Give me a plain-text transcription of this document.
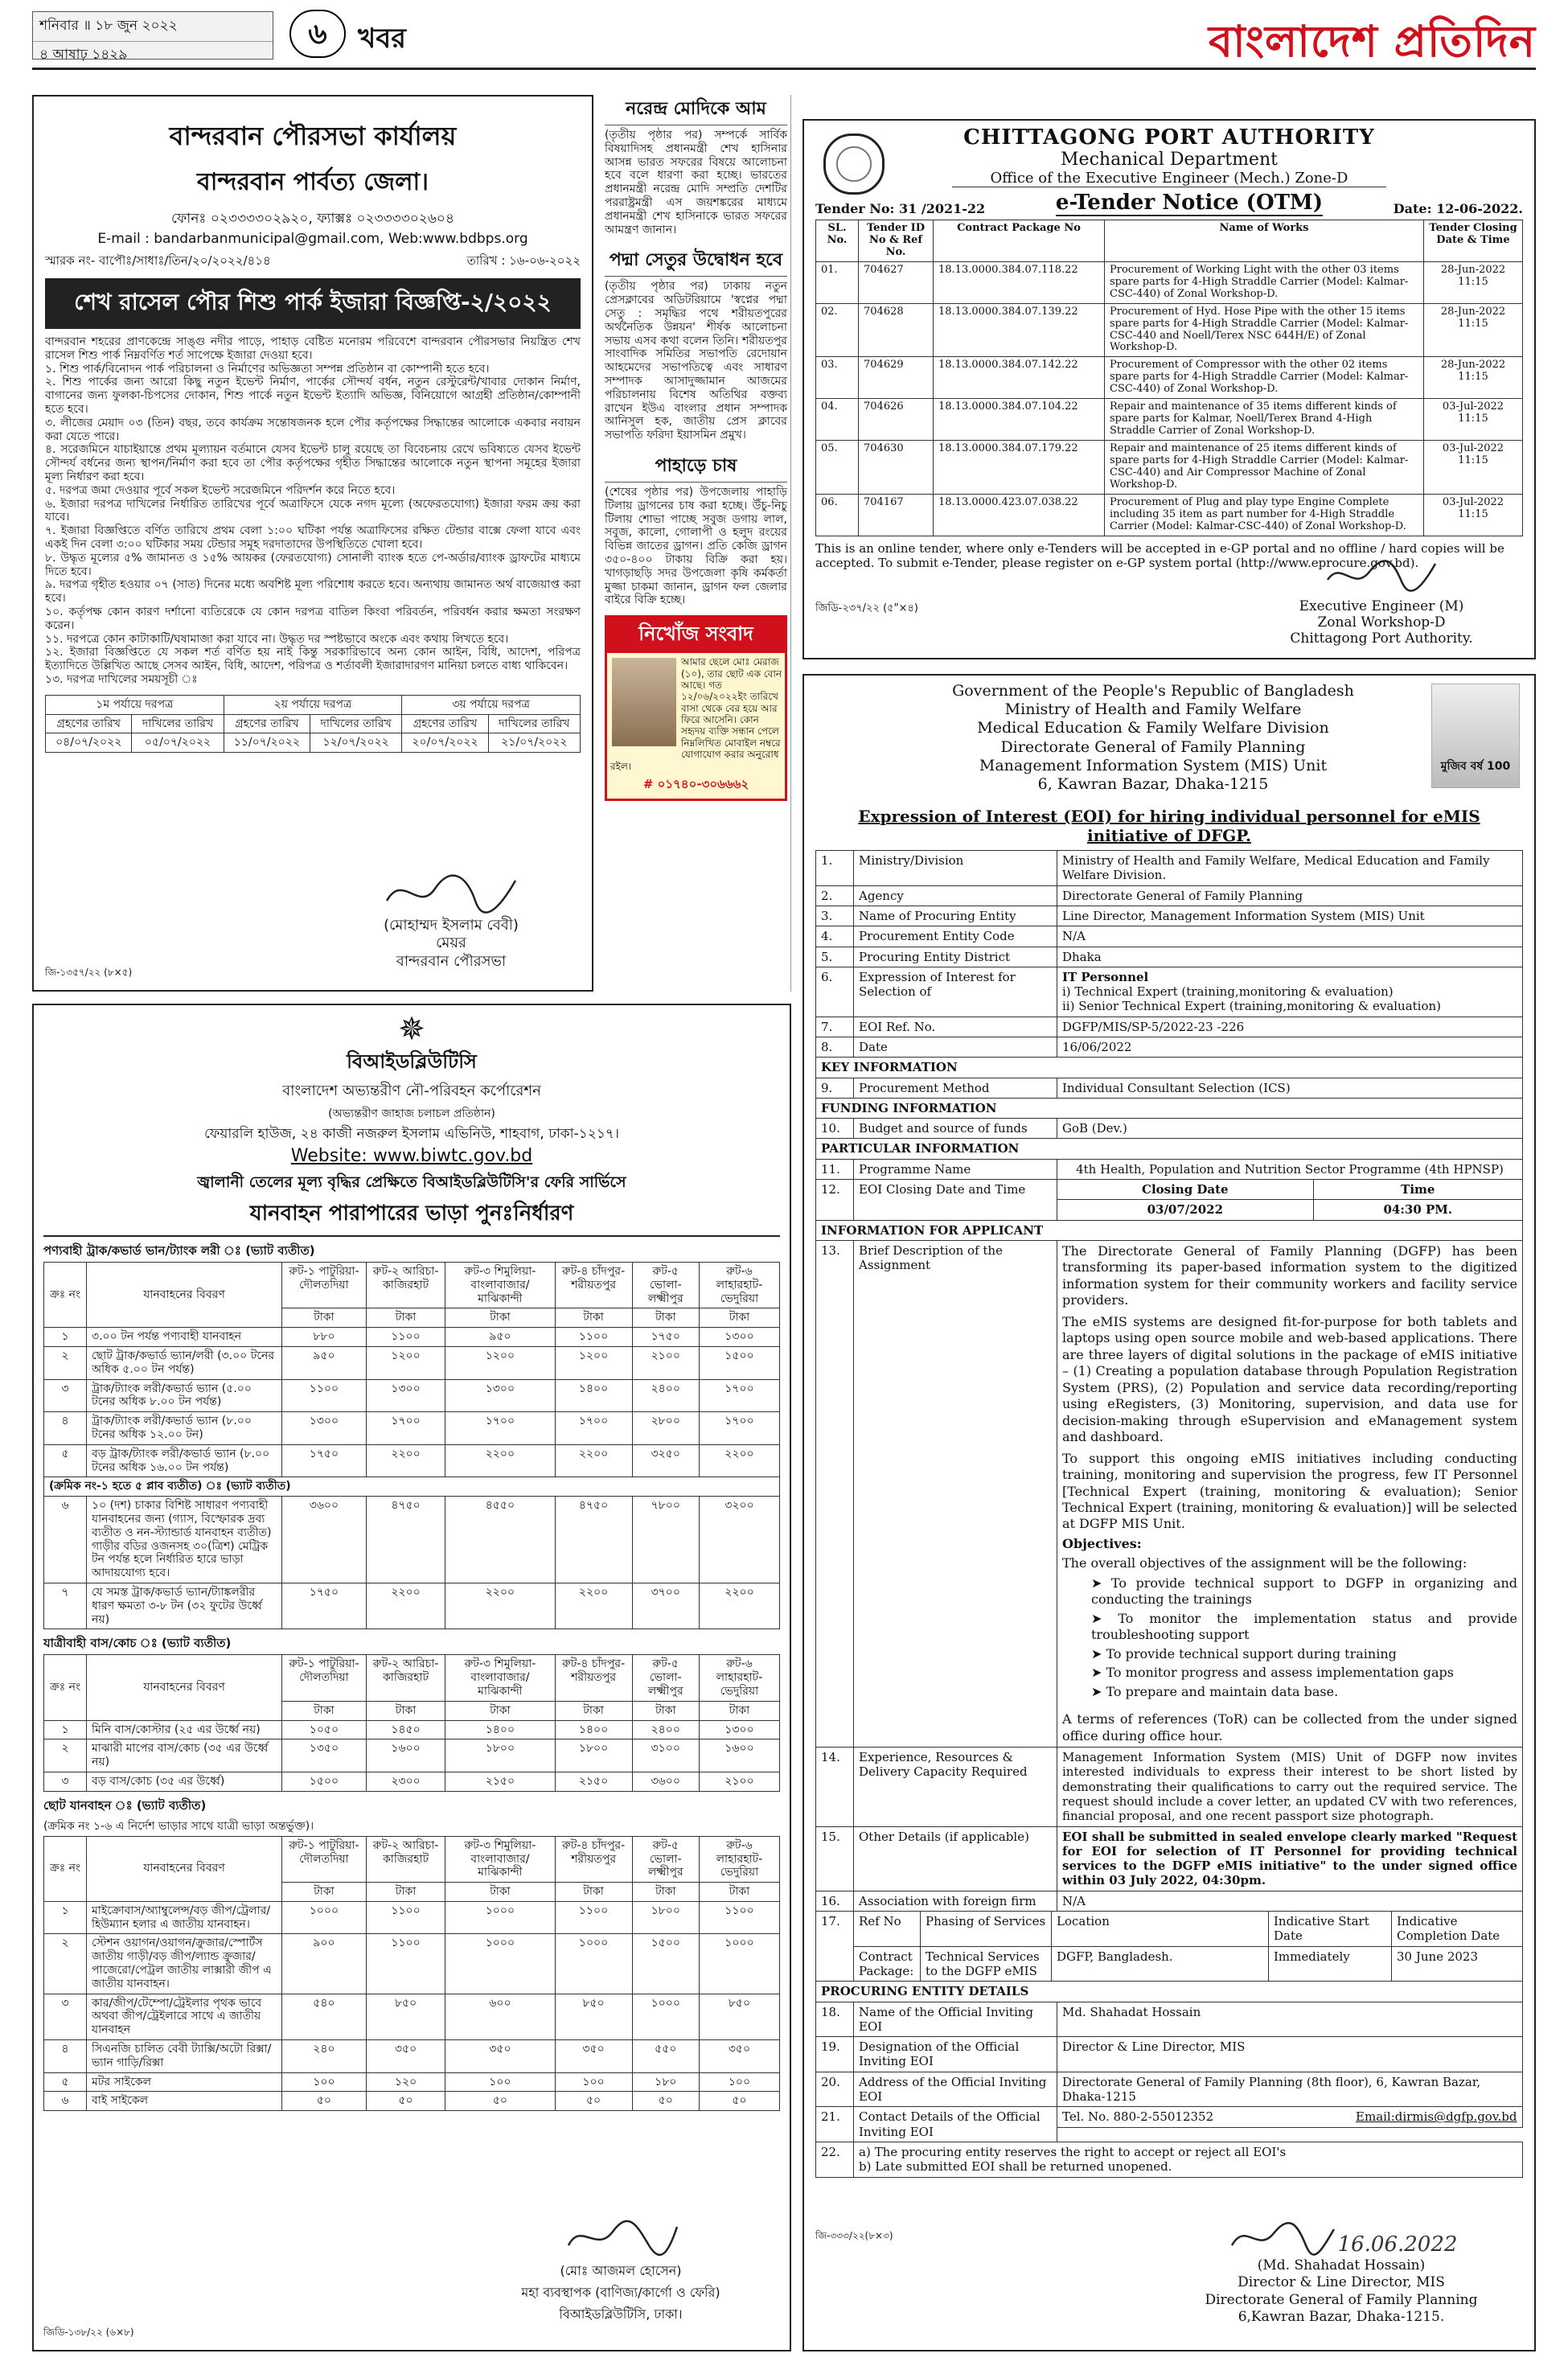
শনিবার ॥ ১৮ জুন ২০২২
৪ আষাঢ় ১৪২৯
৬	খবর	বাংলাদেশ প্রতিদিন
বান্দরবান পৌরসভা কার্যালয়
বান্দরবান পার্বত্য জেলা।
ফোনঃ ০২৩৩৩৩০২৯২০, ফ্যাক্সঃ ০২৩৩৩৩০২৬০৪
E-mail : bandarbanmunicipal@gmail.com, Web:www.bdbps.org
স্মারক নং- বাপৌঃ/সাধাঃ/তিন/২০/২০২২/৪১৪	তারিখ : ১৬-০৬-২০২২
শেখ রাসেল পৌর শিশু পার্ক ইজারা বিজ্ঞপ্তি-২/২০২২
বান্দরবান শহরের প্রাণকেন্দ্রে সাঙ্গু নদীর পাড়ে, পাহাড় বেষ্টিত মনোরম পরিবেশে বান্দরবান পৌরসভার নিয়ন্ত্রিত শেখ রাসেল শিশু পার্ক নিম্নবর্ণিত শর্ত সাপেক্ষে ইজারা দেওয়া হবে।
১. শিশু পার্ক/বিনোদন পার্ক পরিচালনা ও নির্মাণের অভিজ্ঞতা সম্পন্ন প্রতিষ্ঠান বা কোম্পানী হতে হবে।
২. শিশু পার্কের জন্য আরো কিছু নতুন ইভেন্ট নির্মাণ, পার্কের সৌন্দর্য বর্ধন, নতুন রেস্টুরেন্ট/খাবার দোকান নির্মাণ, বাগানের জন্য ফুলকা-চিপসের দোকান, শিশু পার্কে নতুন ইভেন্ট ইত্যাদি অভিজ্ঞ, বিনিয়োগে আগ্রহী প্রতিষ্ঠান/কোম্পানী হতে হবে।
৩. লীজের মেয়াদ ০৩ (তিন) বছর, তবে কার্যক্রম সন্তোষজনক হলে পৌর কর্তৃপক্ষের সিদ্ধান্তের আলোকে একবার নবায়ন করা যেতে পারে।
৪. সরেজমিনে যাচাইয়ান্তে প্রথম মূল্যায়ন বর্তমানে যেসব ইভেন্ট চালু রয়েছে তা বিবেচনায় রেখে ভবিষ্যতে যেসব ইভেন্ট সৌন্দর্য বর্ধনের জন্য স্থাপন/নির্মাণ করা হবে তা পৌর কর্তৃপক্ষের গৃহীত সিদ্ধান্তের আলোকে নতুন স্থাপনা সমূহের ইজারা মূল্য নির্ধারণ করা হবে।
৫. দরপত্র জমা দেওয়ার পূর্বে সকল ইভেন্ট সরেজমিনে পরিদর্শন করে নিতে হবে।
৬. ইজারা দরপত্র দাখিলের নির্ধারিত তারিখের পূর্বে অত্রাফিসে যেকে নগদ মূল্যে (অফেরতযোগ্য) ইজারা ফরম ক্রয় করা যাবে।
৭. ইজারা বিজ্ঞপ্তিতে বর্ণিত তারিখে প্রথম বেলা ১:০০ ঘটিকা পর্যন্ত অত্রাফিসের রক্ষিত টেন্ডার বাক্সে ফেলা যাবে এবং একই দিন বেলা ৩:০০ ঘটিকার সময় টেন্ডার সমূহ দরদাতাদের উপস্থিতিতে খোলা হবে।
৮. উদ্ধৃত মূল্যের ৫% জামানত ও ১৫% আয়কর (ফেরতযোগ্য) সোনালী ব্যাংক হতে পে-অর্ডার/ব্যাংক ড্রাফটের মাধ্যমে দিতে হবে।
৯. দরপত্র গৃহীত হওয়ার ০৭ (সাত) দিনের মধ্যে অবশিষ্ট মূল্য পরিশোধ করতে হবে। অন্যথায় জামানত অর্থ বাজেয়াপ্ত করা হবে।
১০. কর্তৃপক্ষ কোন কারণ দর্শানো ব্যতিরেকে যে কোন দরপত্র বাতিল কিংবা পরিবর্তন, পরিবর্ধন করার ক্ষমতা সংরক্ষণ করেন।
১১. দরপত্রে কোন কাটাকাটি/ঘষামাজা করা যাবে না। উদ্ধৃত দর স্পষ্টভাবে অংকে এবং কথায় লিখতে হবে।
১২. ইজারা বিজ্ঞপ্তিতে যে সকল শর্ত বর্ণিত হয় নাই কিন্তু সরকারিভাবে অন্য কোন আইন, বিধি, আদেশ, পরিপত্র ইত্যাদিতে উল্লিখিত আছে সেসব আইন, বিধি, আদেশ, পরিপত্র ও শর্তাবলী ইজারাদারগণ মানিয়া চলতে বাধ্য থাকিবেন।
১৩. দরপত্র দাখিলের সময়সূচী ঃ
১ম পর্যায়ে দরপত্র		২য় পর্যায়ে দরপত্র		৩য় পর্যায়ে দরপত্র	
গ্রহণের তারিখ	দাখিলের তারিখ	গ্রহণের তারিখ	দাখিলের তারিখ	গ্রহণের তারিখ	দাখিলের তারিখ
০৪/০৭/২০২২	০৫/০৭/২০২২	১১/০৭/২০২২	১২/০৭/২০২২	২০/০৭/২০২২	২১/০৭/২০২২
(মোহাম্মদ ইসলাম বেবী)
মেয়র
বান্দরবান পৌরসভা
জি-১৩৫৭/২২ (৮×৫)
নরেন্দ্র মোদিকে আম
(তৃতীয় পৃষ্ঠার পর) সম্পর্কে সার্বিক বিষয়াদিসহ প্রধানমন্ত্রী শেখ হাসিনার আসন্ন ভারত সফরের বিষয়ে আলোচনা হবে বলে ধারণা করা হচ্ছে। ভারতের প্রধানমন্ত্রী নরেন্দ্র মোদি সম্প্রতি দেশটির পররাষ্ট্রমন্ত্রী এস জয়শঙ্করের মাধ্যমে প্রধানমন্ত্রী শেখ হাসিনাকে ভারত সফরের আমন্ত্রণ জানান।
পদ্মা সেতুর উদ্বোধন হবে
(তৃতীয় পৃষ্ঠার পর) ঢাকায় নতুন প্রেসক্লাবের অডিটরিয়ামে 'স্বপ্নের পদ্মা সেতু : সমৃদ্ধির পথে শরীয়তপুরের অর্থনৈতিক উন্নয়ন' শীর্ষক আলোচনা সভায় এসব কথা বলেন তিনি। শরীয়তপুর সাংবাদিক সমিতির সভাপতি রেদোয়ান আহমেদের সভাপতিত্বে এবং সাধারণ সম্পাদক আসাদুজ্জামান আজমের পরিচালনায় বিশেষ অতিথির বক্তব্য রাখেন ইউএ বাংলার প্রধান সম্পাদক আনিসুল হক, জাতীয় প্রেস ক্লাবের সভাপতি ফরিদা ইয়াসমিন প্রমুখ।
পাহাড়ে চাষ
(শেষের পৃষ্ঠার পর) উপজেলায় পাহাড়ি টিলায় ড্রাগনের চাষ করা হচ্ছে। উঁচু-নিচু টিলায় শোভা পাচ্ছে সবুজ ডগায় লাল, সবুজ, কালো, গোলাপী ও হলুদ রংয়ের বিভিন্ন জাতের ড্রাগন। প্রতি কেজি ড্রাগন ৩৫০-৪০০ টাকায় বিক্রি করা হয়। খাগড়াছড়ি সদর উপজেলা কৃষি কর্মকর্তা মুজ্জা চাকমা জানান, ড্রাগন ফল জেলার বাইরে বিক্রি হচ্ছে।
নিখোঁজ সংবাদ
আমার ছেলে মোঃ মেরাজ (১০), তার ছোট এক বোন আছে। গত ১২/০৬/২০২২ইং তারিখে বাসা থেকে বের হয়ে আর ফিরে আসেনি। কোন সহৃদয় ব্যক্তি সন্ধান পেলে নিম্নলিখিত মোবাইল নম্বরে যোগাযোগ করার অনুরোধ রইল।
# ০১৭৪০-৩০৬৬৬২
CHITTAGONG PORT AUTHORITY
Mechanical Department
Office of the Executive Engineer (Mech.) Zone-D
Tender No: 31 /2021-22	e-Tender Notice (OTM)	Date: 12-06-2022.
SL. No.	Tender ID No & Ref No.	Contract Package No	Name of Works	Tender Closing Date & Time
01.	704627	18.13.0000.384.07.118.22	Procurement of Working Light with the other 03 items spare parts for 4-High Straddle Carrier (Model: Kalmar-CSC-440) of Zonal Workshop-D.	28-Jun-2022 11:15
02.	704628	18.13.0000.384.07.139.22	Procurement of Hyd. Hose Pipe with the other 15 items spare parts for 4-High Straddle Carrier (Model: Kalmar-CSC-440 and Noell/Terex NSC 644H/E) of Zonal Workshop-D.	28-Jun-2022 11:15
03.	704629	18.13.0000.384.07.142.22	Procurement of Compressor with the other 02 items spare parts for 4-High Straddle Carrier (Model: Kalmar-CSC-440) of Zonal Workshop-D.	28-Jun-2022 11:15
04.	704626	18.13.0000.384.07.104.22	Repair and maintenance of 35 items different kinds of spare parts for Kalmar, Noell/Terex Brand 4-High Straddle Carrier of Zonal Workshop-D.	03-Jul-2022 11:15
05.	704630	18.13.0000.384.07.179.22	Repair and maintenance of 25 items different kinds of spare parts for 4-High Straddle Carrier (Model: Kalmar-CSC-440) and Air Compressor Machine of Zonal Workshop-D.	03-Jul-2022 11:15
06.	704167	18.13.0000.423.07.038.22	Procurement of Plug and play type Engine Complete including 35 item as part number for 4-High Straddle Carrier (Model: Kalmar-CSC-440) of Zonal Workshop-D.	03-Jul-2022 11:15
This is an online tender, where only e-Tenders will be accepted in e-GP portal and no offline / hard copies will be accepted. To submit e-Tender, please register on e-GP system portal (http://www.eprocure.gov.bd).
Executive Engineer (M)
Zonal Workshop-D
Chittagong Port Authority.
জিডি-২৩৭/২২ (৫"×৪)
✵
বিআইডব্লিউটিসি
বাংলাদেশ অভ্যন্তরীণ নৌ-পরিবহন কর্পোরেশন
(অভ্যন্তরীণ জাহাজ চলাচল প্রতিষ্ঠান)
ফেয়ারলি হাউজ, ২৪ কাজী নজরুল ইসলাম এভিনিউ, শাহবাগ, ঢাকা-১২১৭।
Website: www.biwtc.gov.bd
জ্বালানী তেলের মূল্য বৃদ্ধির প্রেক্ষিতে বিআইডব্লিউটিসি'র ফেরি সার্ভিসে
যানবাহন পারাপারের ভাড়া পুনঃনির্ধারণ
পণ্যবাহী ট্রাক/কভার্ড ভান/ট্যাংক লরী ঃ (ভ্যাট ব্যতীত)
ক্রঃ নং	যানবাহনের বিবরণ	রুট-১ পাটুরিয়া-দৌলতদিয়া	রুট-২ আরিচা-কাজিরহাট	রুট-৩ শিমুলিয়া-বাংলাবাজার/মাঝিকান্দী	রুট-৪ চাঁদপুর-শরীয়তপুর	রুট-৫ ভোলা-লক্ষ্মীপুর	রুট-৬ লাহারহাট-ভেদুরিয়া
		টাকা	টাকা	টাকা	টাকা	টাকা	টাকা
১	৩.০০ টন পর্যন্ত পণ্যবাহী যানবাহন	৮৮০	১১০০	৯৫০	১১০০	১৭৫০	১৩০০
২	ছোট ট্রাক/কভার্ড ভ্যান/লরী (৩.০০ টনের অধিক ৫.০০ টন পর্যন্ত)	৯৫০	১২০০	১২০০	১২০০	২১০০	১৫০০
৩	ট্রাক/ট্যাংক লরী/কভার্ড ভ্যান (৫.০০ টনের অধিক ৮.০০ টন পর্যন্ত)	১১০০	১৩০০	১৩০০	১৪০০	২৪০০	১৭০০
৪	ট্রাক/ট্যাংক লরী/কভার্ড ভ্যান (৮.০০ টনের অধিক ১২.০০ টন)	১৩০০	১৭০০	১৭০০	১৭০০	২৮০০	১৭০০
৫	বড় ট্রাক/ট্যাংক লরী/কভার্ড ভ্যান (৮.০০ টনের অধিক ১৬.০০ টন পর্যন্ত)	১৭৫০	২২০০	২২০০	২২০০	৩২৫০	২২০০
(ক্রমিক নং-১ হতে ৫ প্লাব ব্যতীত) ঃ (ভ্যাট ব্যতীত)							
৬	১০ (দশ) চাকার বিশিষ্ট সাধারণ পণ্যবাহী যানবাহনের জন্য (গ্যাস, বিস্ফোরক দ্রব্য ব্যতীত ও নন-স্ট্যান্ডার্ড যানবাহন ব্যতীত) গাড়ীর বডির ওজনসহ ৩০(ত্রিশ) মেট্রিক টন পর্যন্ত হলে নির্ধারিত হারে ভাড়া আদায়যোগ্য হবে।	৩৬০০	৪৭৫০	৪৫৫০	৪৭৫০	৭৮০০	৩২০০
৭	যে সমস্ত ট্রাক/কভার্ড ভ্যান/ট্যাঙ্কলরীর ধারণ ক্ষমতা ৩-৮ টন (৩২ ফুটের উর্ধ্বে নয়)	১৭৫০	২২০০	২২০০	২২০০	৩৭০০	২২০০
যাত্রীবাহী বাস/কোচ ঃ (ভ্যাট ব্যতীত)
ক্রঃ নং	যানবাহনের বিবরণ	রুট-১ পাটুরিয়া-দৌলতদিয়া	রুট-২ আরিচা-কাজিরহাট	রুট-৩ শিমুলিয়া-বাংলাবাজার/মাঝিকান্দী	রুট-৪ চাঁদপুর-শরীয়তপুর	রুট-৫ ভোলা-লক্ষ্মীপুর	রুট-৬ লাহারহাট-ভেদুরিয়া
		টাকা	টাকা	টাকা	টাকা	টাকা	টাকা
১	মিনি বাস/কোস্টার (২৫ এর উর্ধ্বে নয়)	১০৫০	১৪৫০	১৪০০	১৪০০	২৪০০	১৩০০
২	মাঝারী মাপের বাস/কোচ (৩৫ এর উর্ধ্বে নয়)	১৩৫০	১৬০০	১৮০০	১৮০০	৩১০০	১৬০০
৩	বড় বাস/কোচ (৩৫ এর উর্ধ্বে)	১৫০০	২৩০০	২১৫০	২১৫০	৩৬০০	২১০০
ছোট যানবাহন ঃ (ভ্যাট ব্যতীত)
(ক্রমিক নং ১-৬ এ নির্দেশ ভাড়ার সাথে যাত্রী ভাড়া অন্তর্ভুক্ত)।
ক্রঃ নং	যানবাহনের বিবরণ	রুট-১ পাটুরিয়া-দৌলতদিয়া	রুট-২ আরিচা-কাজিরহাট	রুট-৩ শিমুলিয়া-বাংলাবাজার/মাঝিকান্দী	রুট-৪ চাঁদপুর-শরীয়তপুর	রুট-৫ ভোলা-লক্ষ্মীপুর	রুট-৬ লাহারহাট-ভেদুরিয়া
		টাকা	টাকা	টাকা	টাকা	টাকা	টাকা
১	মাইক্রোবাস/অ্যাম্বুলেন্স/বড় জীপ/ট্রেলার/হিউম্যান হলার এ জাতীয় যানবাহন।	১০০০	১১০০	১০০০	১১০০	১৮০০	১১০০
২	স্টেশন ওয়াগন/ওয়াগন/ক্রুজার/স্পোর্টস জাতীয় গাড়ী/বড় জীপ/ল্যান্ড ক্রুজার/পাজেরো/পেট্রল জাতীয় লাক্সারী জীপ এ জাতীয় যানবাহন।	৯০০	১১০০	১০০০	১০০০	১৫০০	১০০০
৩	কার/জীপ/টেম্পো/ট্রেইলার পৃথক ভাবে অথবা জীপ/ট্রেইলারে সাথে এ জাতীয় যানবাহন	৫৪০	৮৫০	৬০০	৮৫০	১০০০	৮৫০
৪	সিএনজি চালিত বেবী ট্যাক্সি/অটো রিক্সা/ভ্যান গাড়ি/রিক্সা	২৪০	৩৫০	৩৫০	৩৫০	৫৫০	৩৫০
৫	মটর সাইকেল	১০০	১২০	১০০	১০০	১৮০	১০০
৬	বাই সাইকেল	৫০	৫০	৫০	৫০	৫০	৫০
(মোঃ আজমল হোসেন)
মহা ব্যবস্থাপক (বাণিজ্য/কার্গো ও ফেরি)
বিআইডব্লিউটিসি, ঢাকা।
জিডি-১৩৮/২২ (৬×৮)
Government of the People's Republic of Bangladesh
Ministry of Health and Family Welfare
Medical Education & Family Welfare Division
Directorate General of Family Planning
Management Information System (MIS) Unit
6, Kawran Bazar, Dhaka-1215
মুজিব বর্ষ 100
Expression of Interest (EOI) for hiring individual personnel for eMIS initiative of DFGP.
1.	Ministry/Division	Ministry of Health and Family Welfare, Medical Education and Family Welfare Division.
2.	Agency	Directorate General of Family Planning
3.	Name of Procuring Entity	Line Director, Management Information System (MIS) Unit
4.	Procurement Entity Code	N/A
5.	Procuring Entity District	Dhaka
6.	Expression of Interest for Selection of	
IT Personnel
i) Technical Expert (training,monitoring & evaluation)
ii) Senior Technical Expert (training,monitoring & evaluation)

7.	EOI Ref. No.	DGFP/MIS/SP-5/2022-23 -226
8.	Date	16/06/2022
KEY INFORMATION
9.	Procurement Method	Individual Consultant Selection (ICS)
FUNDING INFORMATION
10.	Budget and source of funds	GoB (Dev.)
PARTICULAR INFORMATION
11.	Programme Name	4th Health, Population and Nutrition Sector Programme (4th HPNSP)
12.	EOI Closing Date and Time		Closing Date	Time
03/07/2022	04:30 PM.

INFORMATION FOR APPLICANT
13.	Brief Description of the Assignment	
The Directorate General of Family Planning (DGFP) has been transforming its paper-based information system to the digitized information system for their community workers and facility service providers.
The eMIS systems are designed fit-for-purpose for both tablets and laptops using open source mobile and web-based applications. There are three layers of digital solutions in the package of eMIS initiative – (1) Creating a population database through Population Registration System (PRS), (2) Population and service data recording/reporting using eRegisters, (3) Monitoring, supervision, and data use for decision-making through eSupervision and eManagement system and dashboard.
To support this ongoing eMIS initiatives including conducting training, monitoring and supervision the progress, few IT Personnel [Technical Expert (training, monitoring & evaluation); Senior Technical Expert (training, monitoring & evaluation)] will be selected at DGFP MIS Unit.
Objectives:
The overall objectives of the assignment will be the following:
➤ To provide technical support to DGFP in organizing and conducting the trainings
➤ To monitor the implementation status and provide troubleshooting support
➤ To provide technical support during training
➤ To monitor progress and assess implementation gaps
➤ To prepare and maintain data base.
A terms of references (ToR) can be collected from the under signed office during office hour.

14.	Experience, Resources & Delivery Capacity Required	Management Information System (MIS) Unit of DGFP now invites interested individuals to express their interest to be short listed by demonstrating their qualifications to carry out the required service. The request should include a cover letter, an updated CV with two references, financial proposal, and one recent passport size photograph.
15.	Other Details (if applicable)	EOI shall be submitted in sealed envelope clearly marked "Request for EOI for selection of IT Personnel for providing technical services to the DGFP eMIS initiative" to the under signed office within 03 July 2022, 04:30pm.
16.	Association with foreign firm	N/A
17.	Ref No	Phasing of Services	Location	Indicative Start Date	Indicative Completion Date
Contract Package:	Technical Services to the DGFP eMIS	DGFP, Bangladesh.	Immediately	30 June 2023

PROCURING ENTITY DETAILS
18.	Name of the Official Inviting EOI	Md. Shahadat Hossain
19.	Designation of the Official Inviting EOI	Director & Line Director, MIS
20.	Address of the Official Inviting EOI	Directorate General of Family Planning (8th floor), 6, Kawran Bazar, Dhaka-1215
21.	Contact Details of the Official Inviting EOI	
Tel. No. 880-2-55012352	Email:dirmis@dgfp.gov.bd

22.	a) The procuring entity reserves the right to accept or reject all EOI's
b) Late submitted EOI shall be returned unopened.
16.06.2022
(Md. Shahadat Hossain)
Director & Line Director, MIS
Directorate General of Family Planning
6,Kawran Bazar, Dhaka-1215.
জি-৩৩৩/২২(৮×৩)
